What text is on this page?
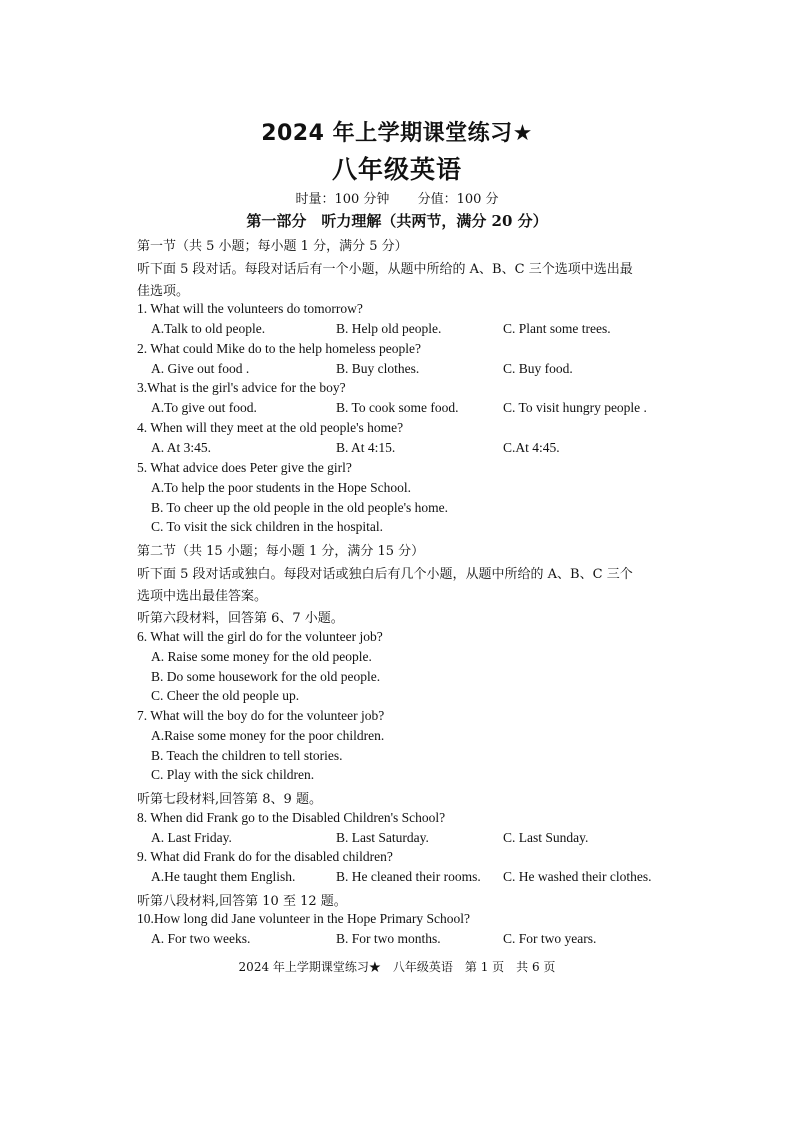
2024 年上学期课堂练习★
八年级英语
时量：100 分钟 分值：100 分
第一部分　听力理解（共两节，满分 20 分）
第一节（共 5 小题；每小题 1 分，满分 5 分）
听下面 5 段对话。每段对话后有一个小题，从题中所给的 A、B、C 三个选项中选出最
佳选项。
1. What will the volunteers do tomorrow?
A.Talk to old people.	B. Help old people.	C. Plant some trees.
2. What could Mike do to the help homeless people?
A. Give out food .	B. Buy clothes.	C. Buy food.
3.What is the girl's advice for the boy?
A.To give out food.	B. To cook some food.	C. To visit hungry people .
4. When will they meet at the old people's home?
A. At 3:45.	B. At 4:15.	C.At 4:45.
5. What advice does Peter give the girl?
A.To help the poor students in the Hope School.
B. To cheer up the old people in the old people's home.
C. To visit the sick children in the hospital.
第二节（共 15 小题；每小题 1 分，满分 15 分）
听下面 5 段对话或独白。每段对话或独白后有几个小题，从题中所给的 A、B、C 三个
选项中选出最佳答案。
听第六段材料，回答第 6、7 小题。
6. What will the girl do for the volunteer job?
A. Raise some money for the old people.
B. Do some housework for the old people.
C. Cheer the old people up.
7. What will the boy do for the volunteer job?
A.Raise some money for the poor children.
B. Teach the children to tell stories.
C. Play with the sick children.
听第七段材料,回答第 8、9 题。
8. When did Frank go to the Disabled Children's School?
A. Last Friday.	B. Last Saturday.	C. Last Sunday.
9. What did Frank do for the disabled children?
A.He taught them English.	B. He cleaned their rooms. C. He washed their clothes.
听第八段材料,回答第 10 至 12 题。
10.How long did Jane volunteer in the Hope Primary School?
A. For two weeks.	B. For two months.	C. For two years.
2024 年上学期课堂练习★　八年级英语　第 1 页　共 6 页
